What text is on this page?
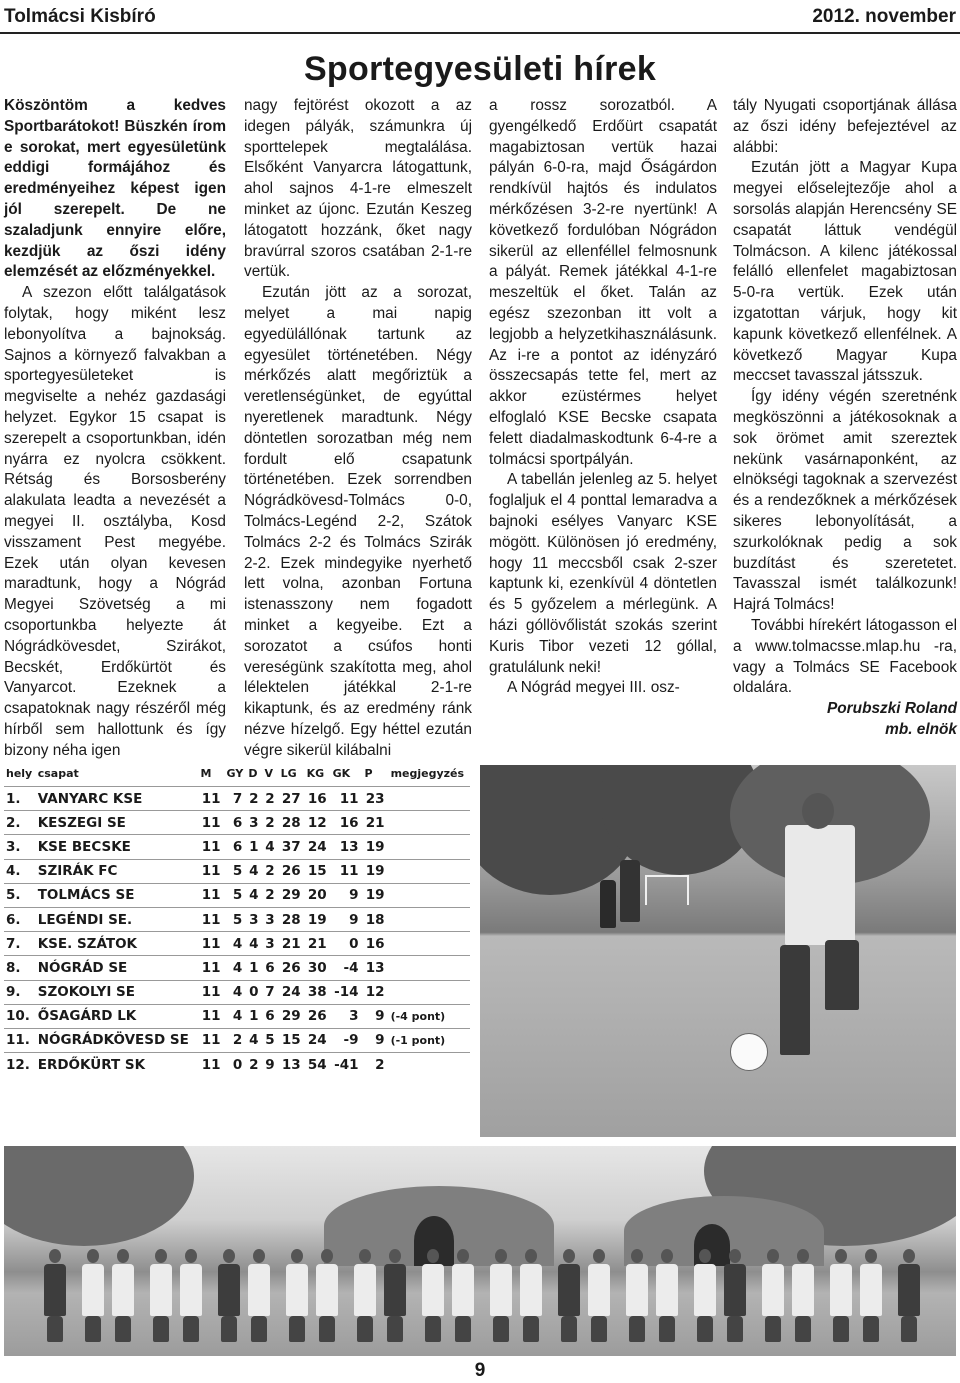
Tolmácsi Kisbíró	2012. november
Sportegyesületi hírek

Köszöntöm a kedves Sportbarátokot! Büszkén írom e sorokat, mert egyesületünk eddigi formájához és eredményeihez képest igen jól szerepelt. De ne szaladjunk ennyire előre, kezdjük az őszi idény elemzését az előzményekkel.

A szezon előtt találgatások folytak, hogy miként lesz lebonyolítva a bajnokság. Sajnos a környező falvakban a sportegyesületeket is megviselte a nehéz gazdasági helyzet. Egykor 15 csapat is szerepelt a csoportunkban, idén nyárra ez nyolcra csökkent. Rétság és Borsosberény alakulata leadta a nevezését a megyei II. osztályba, Kosd visszament Pest megyébe. Ezek után olyan kevesen maradtunk, hogy a Nógrád Megyei Szövetség a mi csoportunkba helyezte át Nógrádkövesdet, Szirákot, Becskét, Erdőkürtöt és Vanyarcot. Ezeknek a csapatoknak nagy részéről még hírből sem hallottunk és így bizony néha igen

nagy fejtörést okozott a az idegen pályák, számunkra új sporttelepek megtalálása. Elsőként Vanyarcra látogattunk, ahol sajnos 4-1-re elmeszelt minket az újonc. Ezután Keszeg látogatott hozzánk, őket nagy bravúrral szoros csatában 2-1-re vertük.

Ezután jött az a sorozat, melyet a mai napig egyedülállónak tartunk az egyesület történetében. Négy mérkőzés alatt megőriztük a veretlenségünket, de egyúttal nyeretlenek maradtunk. Négy döntetlen sorozatban még nem fordult elő csapatunk történetében. Ezek sorrendben Nógrádkövesd-Tolmács 0-0, Tolmács-Legénd 2-2, Szátok Tolmács 2-2 és Tolmács Szirák 2-2. Ezek mindegyike nyerhető lett volna, azonban Fortuna istenasszony nem fogadott minket a kegyeibe. Ezt a sorozatot a csúfos honti vereségünk szakította meg, ahol lélektelen játékkal 2-1-re kikaptunk, és az eredmény ránk nézve hízelgő. Egy héttel ezután végre sikerül kilábalni

a rossz sorozatból. A gyengélkedő Erdőürt csapatát magabiztosan vertük hazai pályán 6-0-ra, majd Őságárdon rendkívül hajtós és indulatos mérkőzésen 3-2-re nyertünk! A következő fordulóban Nógrádon sikerül az ellenféllel felmosnunk a pályát. Remek játékkal 4-1-re meszeltük el őket. Talán az egész szezonban itt volt a legjobb a helyzetkihasználásunk. Az i-re a pontot az idényzáró összecsapás tette fel, mert az akkor ezüstérmes helyet elfoglaló KSE Becske csapata felett diadalmaskodtunk 6-4-re a tolmácsi sportpályán.

A tabellán jelenleg az 5. helyet foglaljuk el 4 ponttal lemaradva a bajnoki esélyes Vanyarc KSE mögött. Különösen jó eredmény, hogy 11 meccsből csak 2-szer kaptunk ki, ezenkívül 4 döntetlen és 5 győzelem a mérlegünk. A házi góllövőlistát szokás szerint Kuris Tibor vezeti 12 góllal, gratulálunk neki!

A Nógrád megyei III. osz-

tály Nyugati csoportjának állása az őszi idény befejeztével az alábbi:

Ezután jött a Magyar Kupa megyei előselejtezője ahol a sorsolás alapján Herencsény SE csapatát láttuk vendégül Tolmácson. A kilenc játékossal felálló ellenfelet magabiztosan 5-0-ra vertük. Ezek után izgatottan várjuk, hogy kit kapunk következő ellenfélnek. A következő Magyar Kupa meccset tavasszal játsszuk.

Így idény végén szeretnénk megköszönni a játékosoknak a sok örömet amit szereztek nekünk vasárnaponként, az elnökségi tagoknak a szervezést és a rendezőknek a mérkőzések sikeres lebonyolítását, a szurkolóknak pedig a sok buzdítást és szeretetet. Tavasszal ismét találkozunk! Hajrá Tolmács!

További hírekért látogasson el a www.tolmacsse.mlap.hu -ra, vagy a Tolmács SE Facebook oldalára.

Porubszki Roland

mb. elnök

hely	csapat	M	GY	D	V	LG	KG	GK	P	megjegyzés
1.	VANYARC KSE	11	7	2	2	27	16	11	23	
2.	KESZEGI SE	11	6	3	2	28	12	16	21	
3.	KSE BECSKE	11	6	1	4	37	24	13	19	
4.	SZIRÁK FC	11	5	4	2	26	15	11	19	
5.	TOLMÁCS SE	11	5	4	2	29	20	9	19	
6.	LEGÉNDI SE.	11	5	3	3	28	19	9	18	
7.	KSE. SZÁTOK	11	4	4	3	21	21	0	16	
8.	NÓGRÁD SE	11	4	1	6	26	30	-4	13	
9.	SZOKOLYI SE	11	4	0	7	24	38	-14	12	
10.	ŐSAGÁRD LK	11	4	1	6	29	26	3	9	(-4 pont)
11.	NÓGRÁDKÖVESD SE	11	2	4	5	15	24	-9	9	(-1 pont)
12.	ERDŐKÜRT SK	11	0	2	9	13	54	-41	2	
9
